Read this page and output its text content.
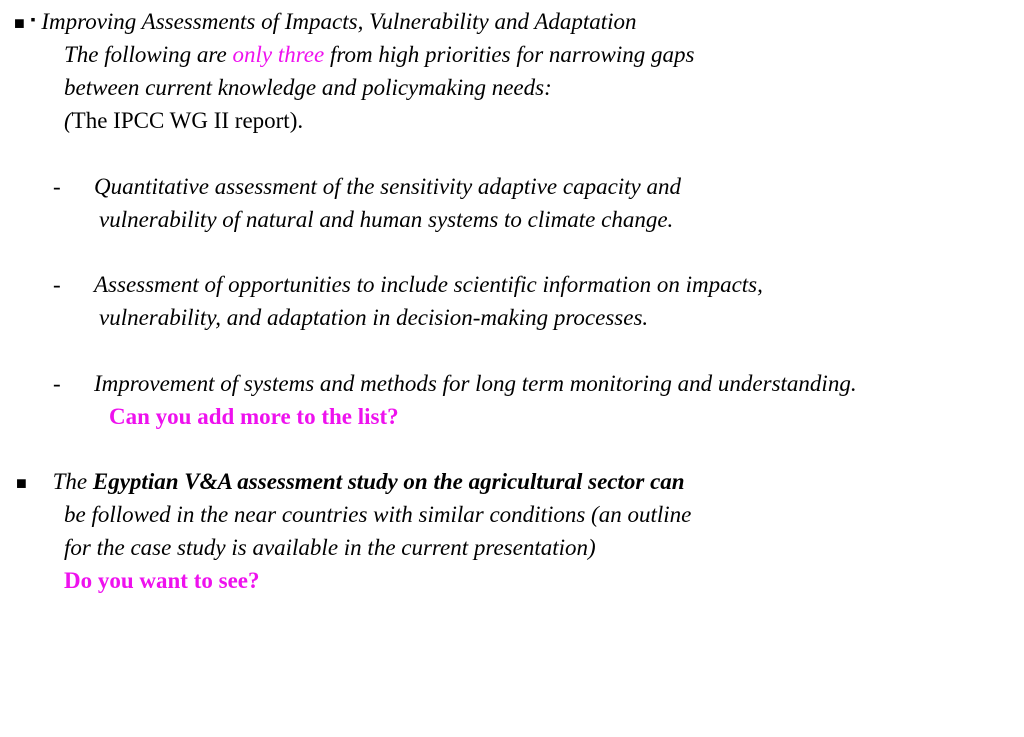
■ ▪ Improving Assessments of Impacts, Vulnerability and Adaptation
The following are only three from high priorities for narrowing gaps
between current knowledge and policymaking needs:
(The IPCC WG II report).
- Quantitative assessment of the sensitivity adaptive capacity and
vulnerability of natural and human systems to climate change.
- Assessment of opportunities to include scientific information on impacts,
vulnerability, and adaptation in decision-making processes.
- Improvement of systems and methods for long term monitoring and understanding.
Can you add more to the list?
■ The Egyptian V&A assessment study on the agricultural sector can
be followed in the near countries with similar conditions (an outline
for the case study is available in the current presentation)
Do you want to see?
